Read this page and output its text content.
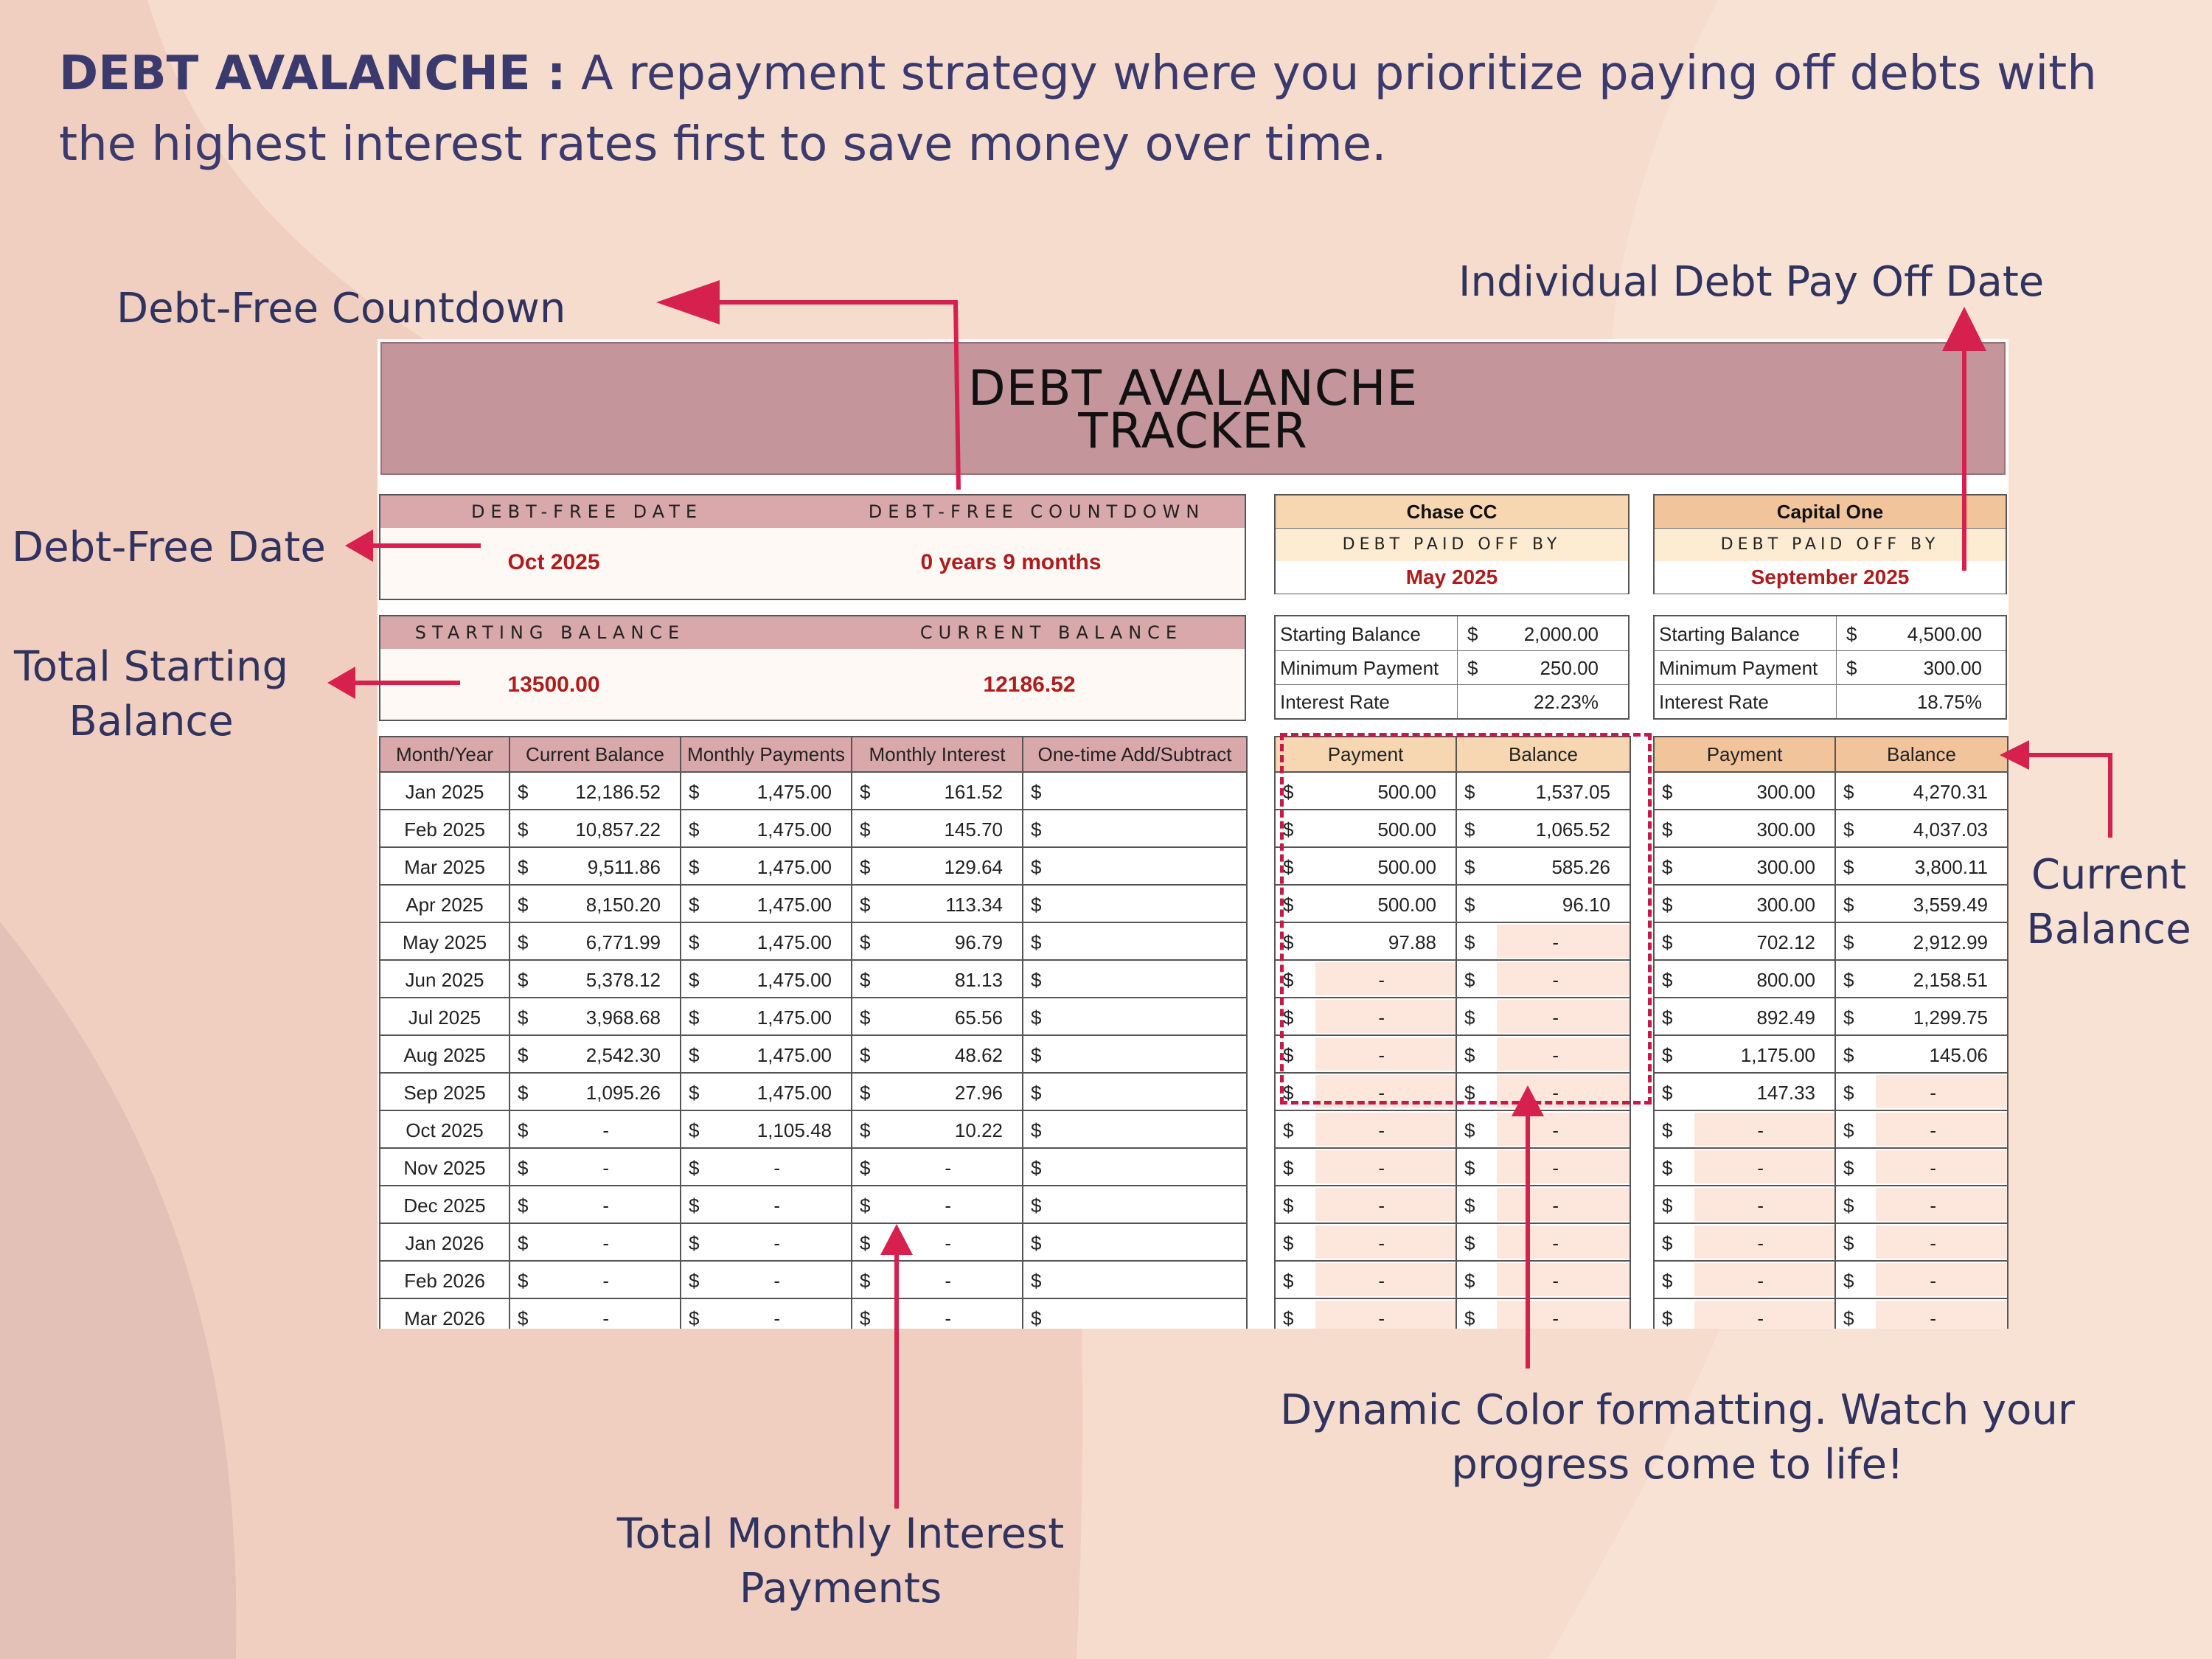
DEBT AVALANCHE : A repayment strategy where you prioritize paying off debts with the highest interest rates first to save money over time.
Debt-Free Countdown
Individual Debt Pay Off Date
Debt-Free Date
Total Starting
Balance
Current
Balance
Dynamic Color formatting. Watch your
progress come to life!
Total Monthly Interest
Payments
DEBT AVALANCHE
TRACKER
DEBT-FREE DATE	DEBT-FREE COUNTDOWN
Oct 2025	0 years 9 months
STARTING BALANCE	CURRENT BALANCE
13500.00	12186.52
Chase CC
DEBT PAID OFF BY
May 2025
Starting Balance $ 2,000.00
Minimum Payment $	250.00
Interest Rate	22.23%
Capital One
DEBT PAID OFF BY
September 2025
Starting Balance $	4,500.00
Minimum Payment $	300.00
Interest Rate	18.75%
Month/Year	Current Balance	Monthly Payments	Monthly Interest	One-time Add/Subtract

Jan 2025	$ 12,186.52	$ 1,475.00	$ 161.52	$

Feb 2025	$ 10,857.22	$ 1,475.00	$ 145.70	$

Mar 2025	$ 9,511.86	$ 1,475.00	$ 129.64	$

Apr 2025	$ 8,150.20	$ 1,475.00	$ 113.34	$

May 2025	$ 6,771.99	$ 1,475.00	$ 96.79	$

Jun 2025	$ 5,378.12	$ 1,475.00	$ 81.13	$

Jul 2025	$ 3,968.68	$ 1,475.00	$ 65.56	$

Aug 2025	$ 2,542.30	$ 1,475.00	$ 48.62	$

Sep 2025	$ 1,095.26	$ 1,475.00	$ 27.96	$

Oct 2025	$ -	$ 1,105.48	$ 10.22	$

Nov 2025	$ -	$ -	$ -	$

Dec 2025	$ -	$ -	$ -	$

Jan 2026	$ -	$ -	$ -	$

Feb 2026	$ -	$ -	$ -	$

Mar 2026	$ -	$ -	$ -	$
Payment	Balance

$ 500.00	$ 1,537.05

$ 500.00	$ 1,065.52

$ 500.00	$ 585.26

$ 500.00	$ 96.10

$ 97.88	$ -

$ -	$ -

$ -	$ -

$ -	$ -

$ -	$ -

$ -	$ -

$ -	$ -

$ -	$ -

$ -	$ -

$ -	$ -

$ -	$ -
Payment	Balance

$ 300.00	$ 4,270.31

$ 300.00	$ 4,037.03

$ 300.00	$ 3,800.11

$ 300.00	$ 3,559.49

$ 702.12	$ 2,912.99

$ 800.00	$ 2,158.51

$ 892.49	$ 1,299.75

$ 1,175.00	$ 145.06

$ 147.33	$ -

$ -	$ -

$ -	$ -

$ -	$ -

$ -	$ -

$ -	$ -

$ -	$ -
